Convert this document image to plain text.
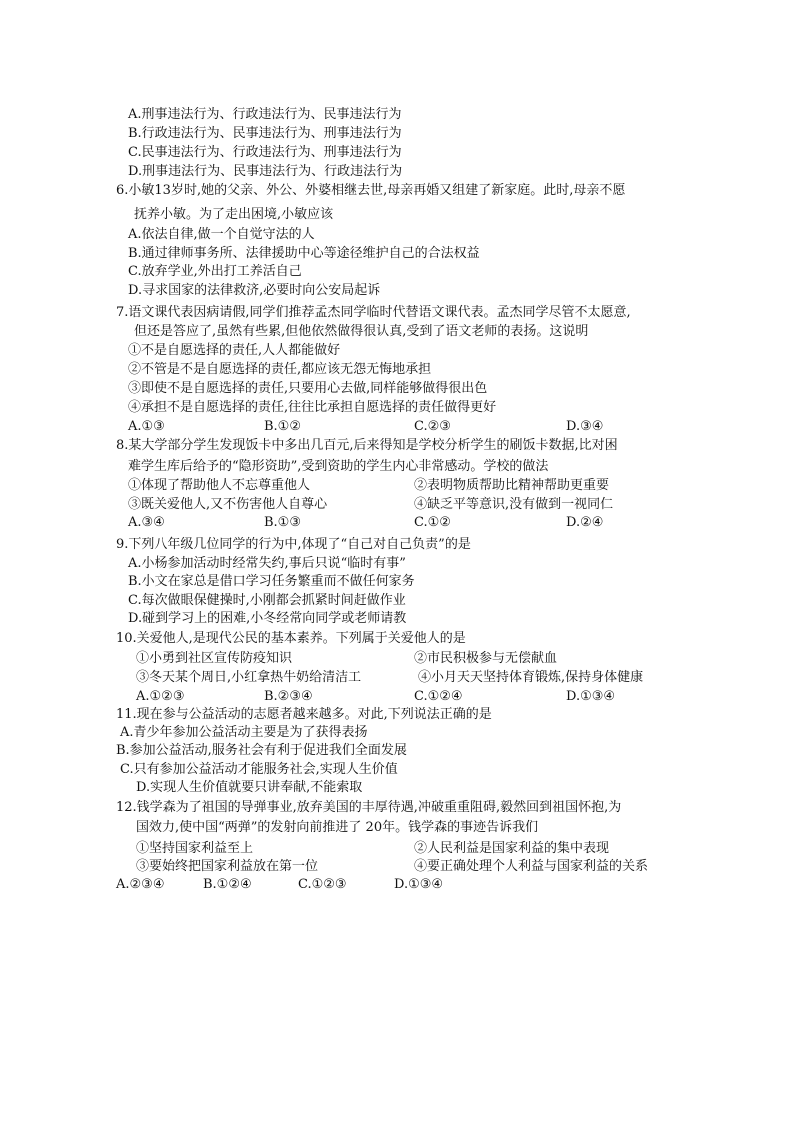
A.刑事违法行为、行政违法行为、民事违法行为
B.行政违法行为、民事违法行为、刑事违法行为
C.民事违法行为、行政违法行为、刑事违法行为
D.刑事违法行为、民事违法行为、行政违法行为
6.小敏13岁时,她的父亲、外公、外婆相继去世,母亲再婚又组建了新家庭。此时,母亲不愿
抚养小敏。为了走出困境,小敏应该
A.依法自律,做一个自觉守法的人
B.通过律师事务所、法律援助中心等途径维护自己的合法权益
C.放弃学业,外出打工养活自己
D.寻求国家的法律救济,必要时向公安局起诉
7.语文课代表因病请假,同学们推荐孟杰同学临时代替语文课代表。孟杰同学尽管不太愿意,
但还是答应了,虽然有些累,但他依然做得很认真,受到了语文老师的表扬。这说明
①不是自愿选择的责任,人人都能做好
②不管是不是自愿选择的责任,都应该无怨无悔地承担
③即使不是自愿选择的责任,只要用心去做,同样能够做得很出色
④承担不是自愿选择的责任,往往比承担自愿选择的责任做得更好
A.①③	B.①②	C.②③	D.③④
8.某大学部分学生发现饭卡中多出几百元,后来得知是学校分析学生的刷饭卡数据,比对困
难学生库后给予的“隐形资助”,受到资助的学生内心非常感动。学校的做法
①体现了帮助他人不忘尊重他人	②表明物质帮助比精神帮助更重要
③既关爱他人,又不伤害他人自尊心	④缺乏平等意识,没有做到一视同仁
A.③④	B.①③	C.①②	D.②④
9.下列八年级几位同学的行为中,体现了“自己对自己负责”的是
A.小杨参加活动时经常失约,事后只说“临时有事”
B.小文在家总是借口学习任务繁重而不做任何家务
C.每次做眼保健操时,小刚都会抓紧时间赶做作业
D.碰到学习上的困难,小冬经常向同学或老师请教
10.关爱他人,是现代公民的基本素养。下列属于关爱他人的是
①小勇到社区宣传防疫知识	②市民积极参与无偿献血
③冬天某个周日,小红拿热牛奶给清洁工	④小月天天坚持体育锻炼,保持身体健康
A.①②③	B.②③④	C.①②④	D.①③④
11.现在参与公益活动的志愿者越来越多。对此,下列说法正确的是
A.青少年参加公益活动主要是为了获得表扬
B.参加公益活动,服务社会有利于促进我们全面发展
C.只有参加公益活动才能服务社会,实现人生价值
D.实现人生价值就要只讲奉献,不能索取
12.钱学森为了祖国的导弹事业,放弃美国的丰厚待遇,冲破重重阻碍,毅然回到祖国怀抱,为
国效力,使中国“两弹”的发射向前推进了 20年。钱学森的事迹告诉我们
①坚持国家利益至上	②人民利益是国家利益的集中表现
③要始终把国家利益放在第一位	④要正确处理个人利益与国家利益的关系
A.②③④	B.①②④	C.①②③	D.①③④
